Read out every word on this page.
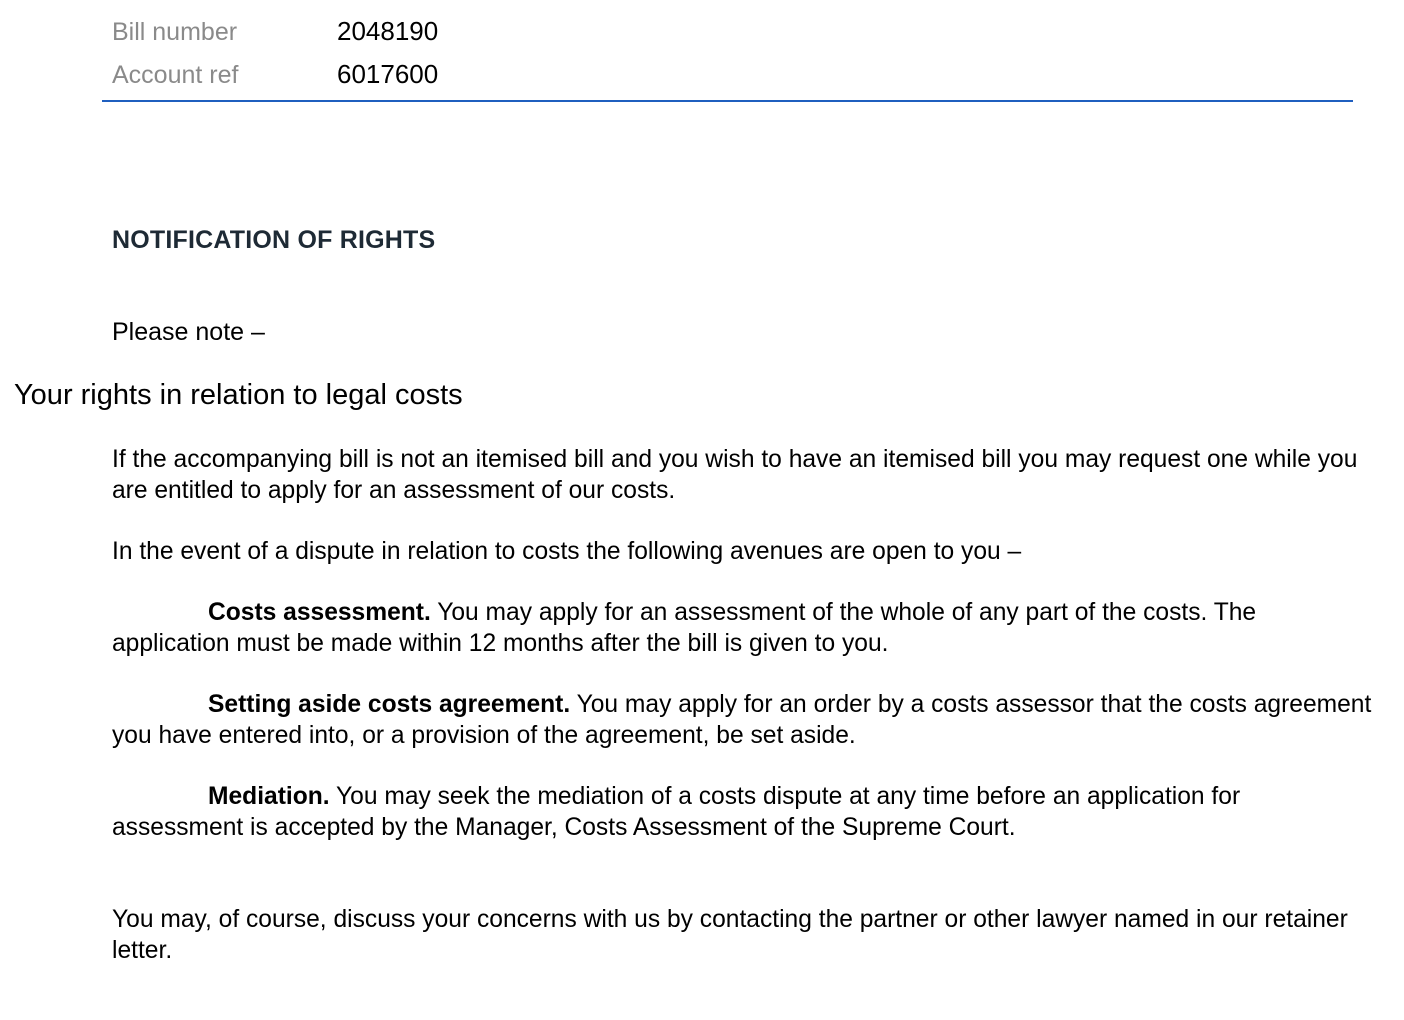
Bill number	2048190
Account ref	6017600
NOTIFICATION OF RIGHTS
Please note –
Your rights in relation to legal costs
If the accompanying bill is not an itemised bill and you wish to have an itemised bill you may request one while you are entitled to apply for an assessment of our costs.
In the event of a dispute in relation to costs the following avenues are open to you –
Costs assessment. You may apply for an assessment of the whole of any part of the costs. The application must be made within 12 months after the bill is given to you.
Setting aside costs agreement. You may apply for an order by a costs assessor that the costs agreement you have entered into, or a provision of the agreement, be set aside.
Mediation. You may seek the mediation of a costs dispute at any time before an application for assessment is accepted by the Manager, Costs Assessment of the Supreme Court.
You may, of course, discuss your concerns with us by contacting the partner or other lawyer named in our retainer letter.
